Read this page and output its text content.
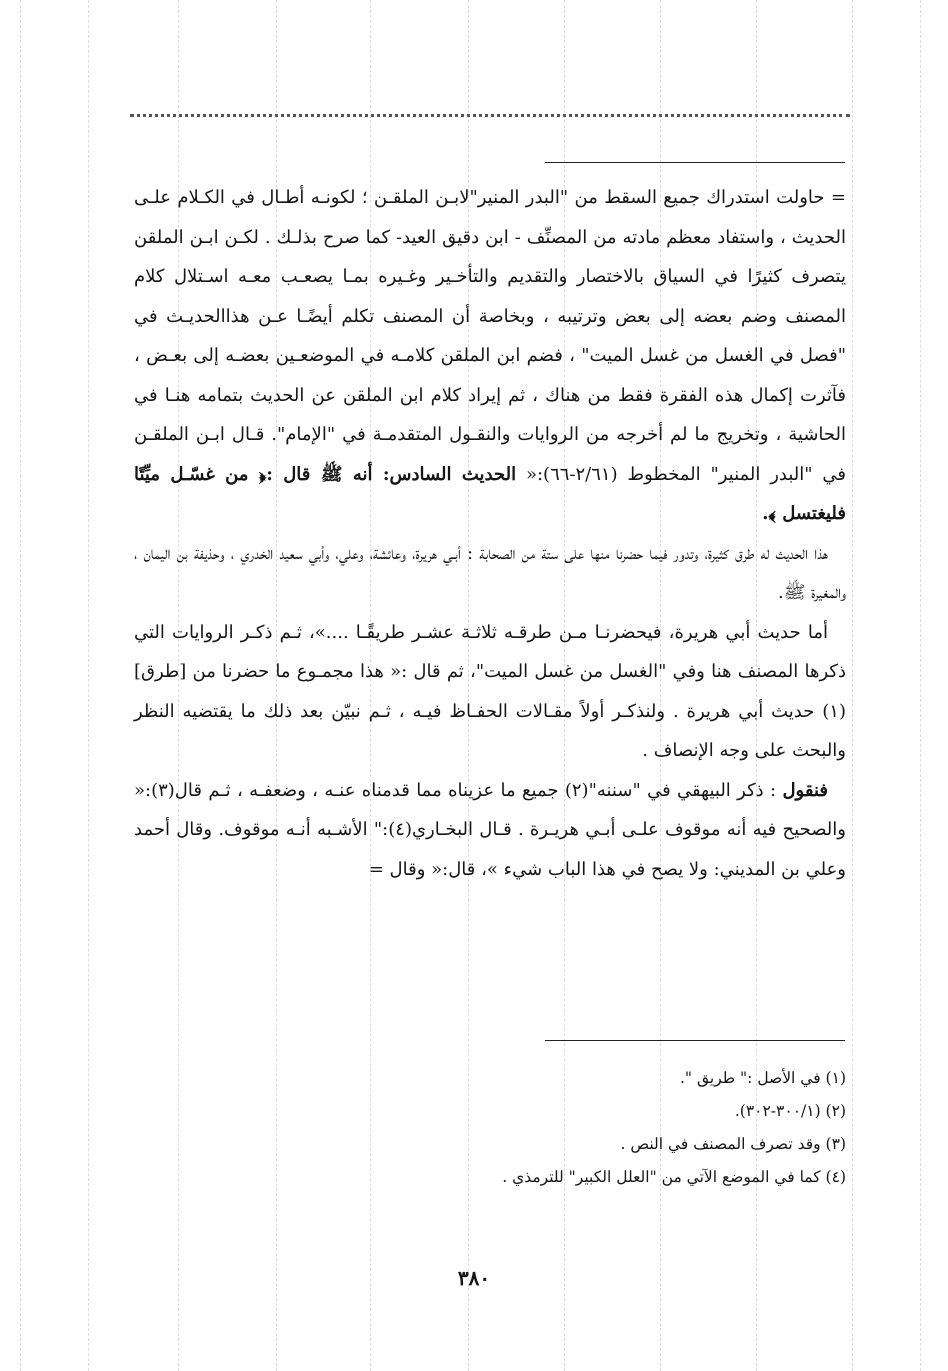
= حاولت استدراك جميع السقط من "البدر المنير"لابـن الملقـن ؛ لكونـه أطـال في الكـلام علـى الحديث ، واستفاد معظم مادته من المصنِّف - ابن دقيق العيد- كما صرح بذلـك . لكـن ابـن الملقن يتصرف كثيرًا في السياق بالاختصار والتقديم والتأخـير وغـيره بمـا يصعـب معـه اسـتلال كلام المصنف وضم بعضه إلى بعض وترتيبه ، وبخاصة أن المصنف تكلم أيضًـا عـن هذاالحديـث في "فصل في الغسل من غسل الميت" ، فضم ابن الملقن كلامـه في الموضعـين بعضـه إلى بعـض ، فآثرت إكمال هذه الفقرة فقط من هناك ، ثم إيراد كلام ابن الملقن عن الحديث بتمامه هنـا في الحاشية ، وتخريج ما لم أخرجه من الروايات والنقـول المتقدمـة في "الإمام". قـال ابـن الملقـن في "البدر المنير" المخطوط (٢/٦١-٦٦):« الحديث السادس: أنه ﷺ قال :﴿ من غسّـل ميِّتًا فليغتسل ﴾.

هذا الحديث له طرق كثيرة، وتدور فيما حضرنا منها على ستة من الصحابة : أبـي هريرة، وعائشة، وعلي، وأبي سعيد الخدري ، وحذيفة بن اليمان ، والمغيرة ﷺ.

أما حديث أبي هريرة، فيحضرنـا مـن طرقـه ثلاثـة عشـر طريقًـا ....»، ثـم ذكـر الروايات التي ذكرها المصنف هنا وفي "الغسل من غسل الميت"، ثم قال :« هذا مجمـوع ما حضرنا من [طرق](١) حديث أبي هريرة . ولنذكـر أولاً مقـالات الحفـاظ فيـه ، ثـم نبيّن بعد ذلك ما يقتضيه النظر والبحث على وجه الإنصاف .

فنقول : ذكر البيهقي في "سننه"(٢) جميع ما عزيناه مما قدمناه عنـه ، وضعفـه ، ثـم قال(٣):« والصحيح فيه أنه موقوف علـى أبـي هريـرة . قـال البخـاري(٤):" الأشـبه أنـه موقوف. وقال أحمد وعلي بن المديني: ولا يصح في هذا الباب شيء »، قال:« وقال =

(١) في الأصل :" طريق ".

(٢) (٣٠٠/١-٣٠٢).

(٣) وقد تصرف المصنف في النص .

(٤) كما في الموضع الآتي من "العلل الكبير" للترمذي .

٣٨٠
